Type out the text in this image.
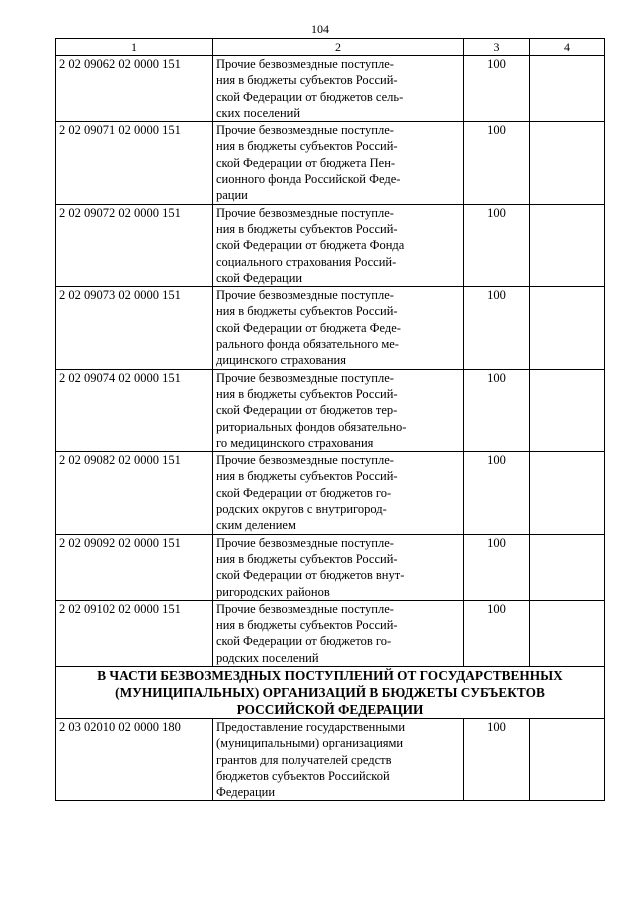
104
1	2	3	4
2 02 09062 02 0000 151	Прочие безвозмездные поступле-
ния в бюджеты субъектов Россий-
ской Федерации от бюджетов сель-
ских поселений	100	
2 02 09071 02 0000 151	Прочие безвозмездные поступле-
ния в бюджеты субъектов Россий-
ской Федерации от бюджета Пен-
сионного фонда Российской Феде-
рации	100	
2 02 09072 02 0000 151	Прочие безвозмездные поступле-
ния в бюджеты субъектов Россий-
ской Федерации от бюджета Фонда
социального страхования Россий-
ской Федерации	100	
2 02 09073 02 0000 151	Прочие безвозмездные поступле-
ния в бюджеты субъектов Россий-
ской Федерации от бюджета Феде-
рального фонда обязательного ме-
дицинского страхования	100	
2 02 09074 02 0000 151	Прочие безвозмездные поступле-
ния в бюджеты субъектов Россий-
ской Федерации от бюджетов тер-
риториальных фондов обязательно-
го медицинского страхования	100	
2 02 09082 02 0000 151	Прочие безвозмездные поступле-
ния в бюджеты субъектов Россий-
ской Федерации от бюджетов го-
родских округов с внутригород-
ским делением	100	
2 02 09092 02 0000 151	Прочие безвозмездные поступле-
ния в бюджеты субъектов Россий-
ской Федерации от бюджетов внут-
ригородских районов	100	
2 02 09102 02 0000 151	Прочие безвозмездные поступле-
ния в бюджеты субъектов Россий-
ской Федерации от бюджетов го-
родских поселений	100	

В ЧАСТИ БЕЗВОЗМЕЗДНЫХ ПОСТУПЛЕНИЙ ОТ ГОСУДАРСТВЕННЫХ
(МУНИЦИПАЛЬНЫХ) ОРГАНИЗАЦИЙ В БЮДЖЕТЫ СУБЪЕКТОВ
РОССИЙСКОЙ ФЕДЕРАЦИИ			

2 03 02010 02 0000 180	Предоставление государственными
(муниципальными) организациями
грантов для получателей средств
бюджетов субъектов Российской
Федерации	100	
